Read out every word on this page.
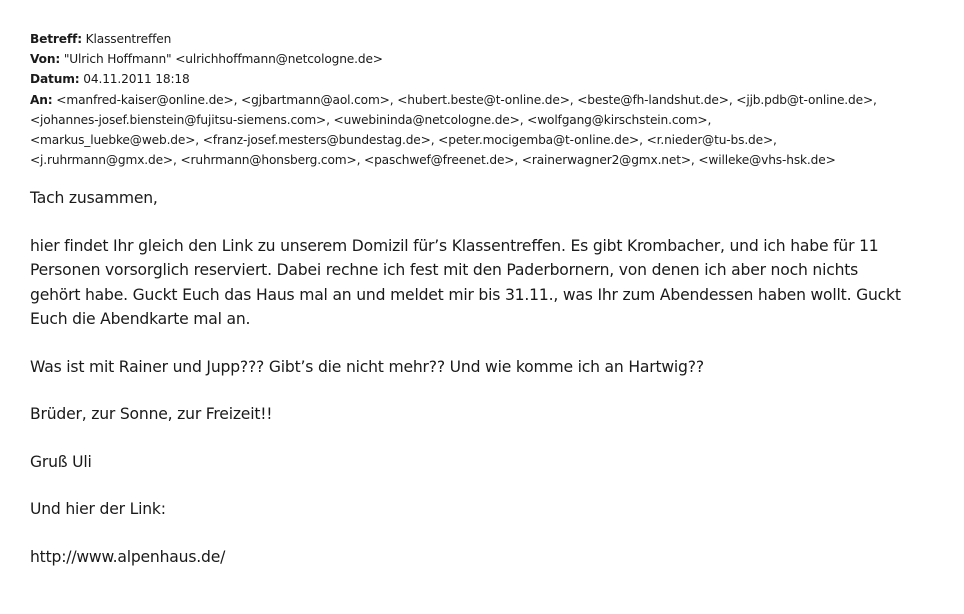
Betreff: Klassentreffen
Von: "Ulrich Hoffmann" <ulrichhoffmann@netcologne.de>
Datum: 04.11.2011 18:18
An: <manfred-kaiser@online.de>, <gjbartmann@aol.com>, <hubert.beste@t-online.de>, <beste@fh-landshut.de>, <jjb.pdb@t-online.de>,
<johannes-josef.bienstein@fujitsu-siemens.com>, <uwebininda@netcologne.de>, <wolfgang@kirschstein.com>,
<markus_luebke@web.de>, <franz-josef.mesters@bundestag.de>, <peter.mocigemba@t-online.de>, <r.nieder@tu-bs.de>,
<j.ruhrmann@gmx.de>, <ruhrmann@honsberg.com>, <paschwef@freenet.de>, <rainerwagner2@gmx.net>, <willeke@vhs-hsk.de>
Tach zusammen,
hier findet Ihr gleich den Link zu unserem Domizil für’s Klassentreffen. Es gibt Krombacher, und ich habe für 11
Personen vorsorglich reserviert. Dabei rechne ich fest mit den Paderbornern, von denen ich aber noch nichts
gehört habe. Guckt Euch das Haus mal an und meldet mir bis 31.11., was Ihr zum Abendessen haben wollt. Guckt
Euch die Abendkarte mal an.
Was ist mit Rainer und Jupp??? Gibt’s die nicht mehr?? Und wie komme ich an Hartwig??
Brüder, zur Sonne, zur Freizeit!!
Gruß Uli
Und hier der Link:
http://www.alpenhaus.de/
